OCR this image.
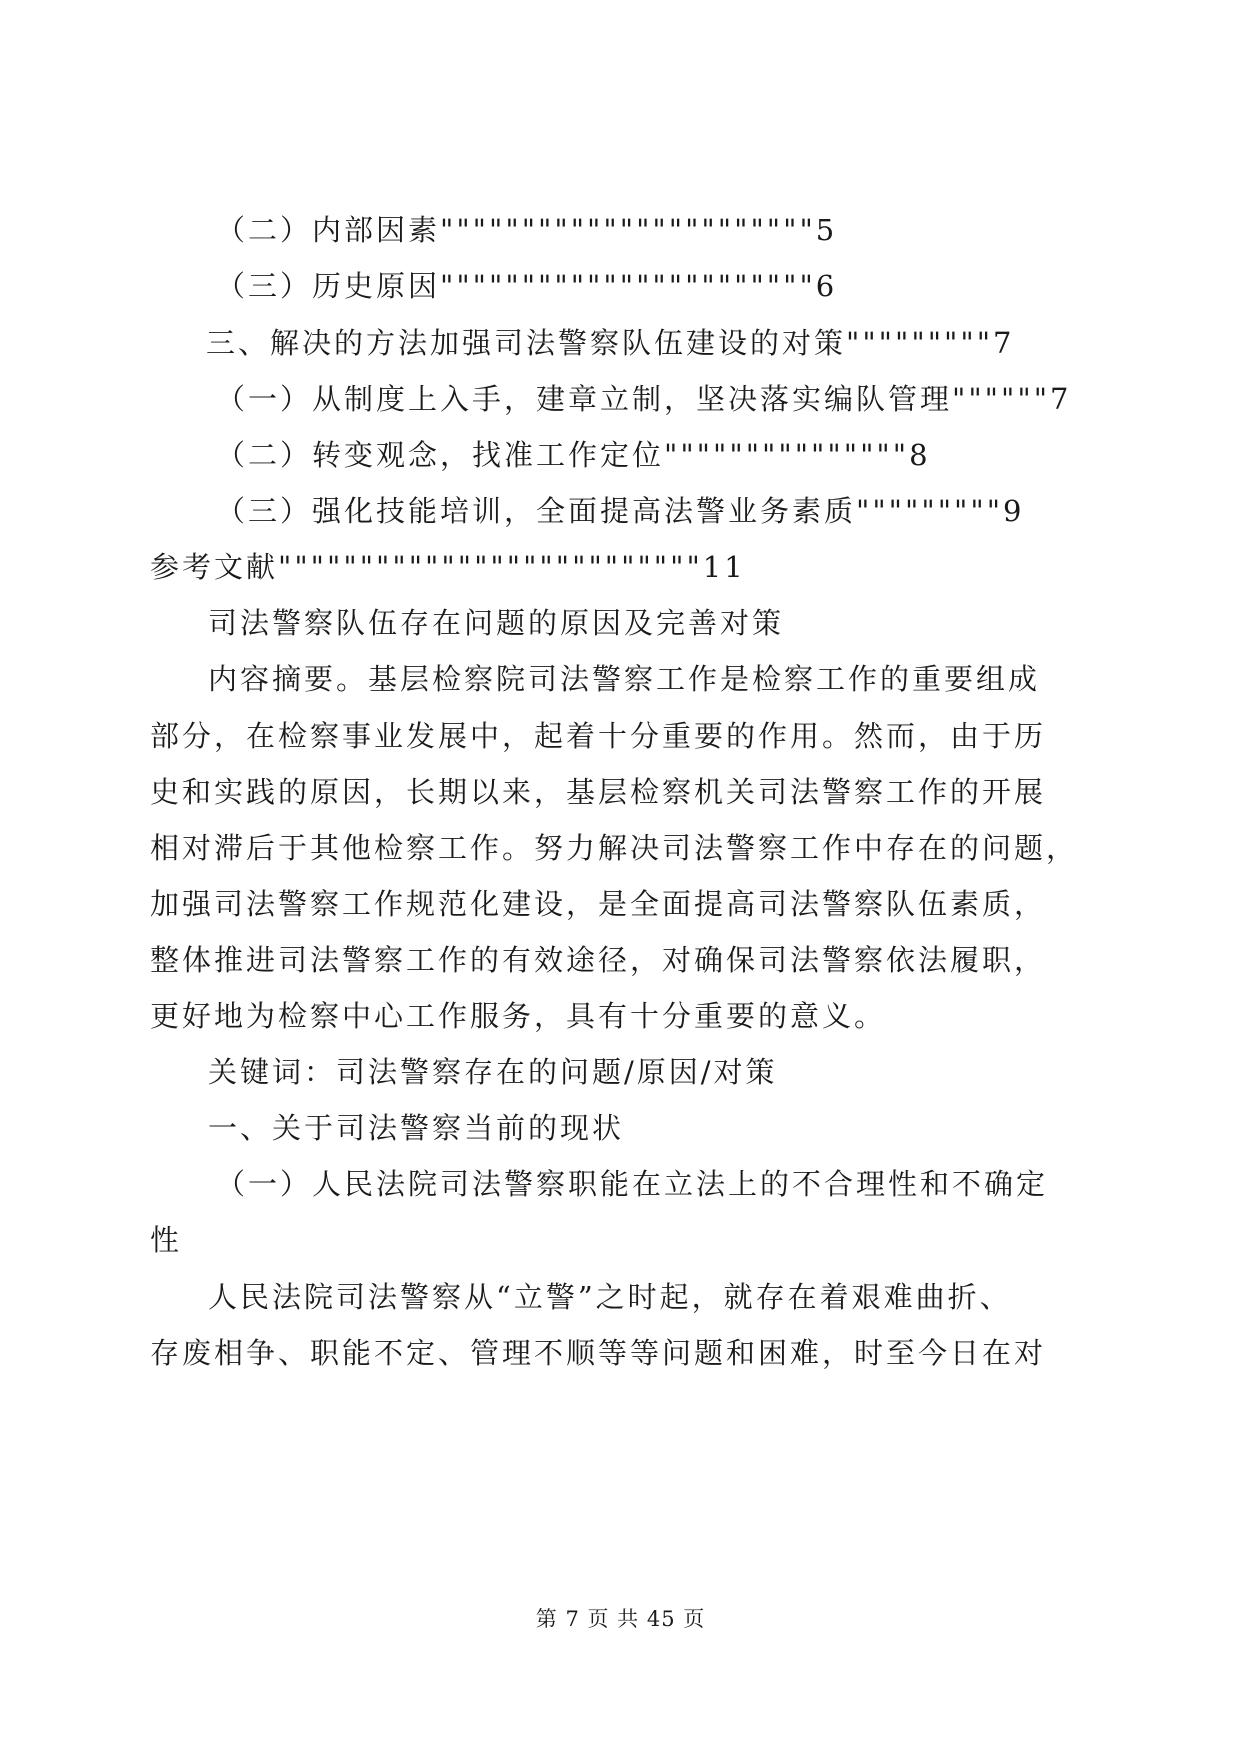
（二）内部因素"""""""""""""""""""""""5
（三）历史原因"""""""""""""""""""""""6
三、解决的方法加强司法警察队伍建设的对策"""""""""7
（一）从制度上入手，建章立制，坚决落实编队管理""""""7
（二）转变观念，找准工作定位"""""""""""""""8
（三）强化技能培训，全面提高法警业务素质"""""""""9
参考文献""""""""""""""""""""""""""11
司法警察队伍存在问题的原因及完善对策
内容摘要。基层检察院司法警察工作是检察工作的重要组成
部分，在检察事业发展中，起着十分重要的作用。然而，由于历
史和实践的原因，长期以来，基层检察机关司法警察工作的开展
相对滞后于其他检察工作。努力解决司法警察工作中存在的问题，
加强司法警察工作规范化建设，是全面提高司法警察队伍素质，
整体推进司法警察工作的有效途径，对确保司法警察依法履职，
更好地为检察中心工作服务，具有十分重要的意义。
关键词：司法警察存在的问题/原因/对策
一、关于司法警察当前的现状
（一）人民法院司法警察职能在立法上的不合理性和不确定
性
人民法院司法警察从“立警”之时起，就存在着艰难曲折、
存废相争、职能不定、管理不顺等等问题和困难，时至今日在对
第 7 页 共 45 页
